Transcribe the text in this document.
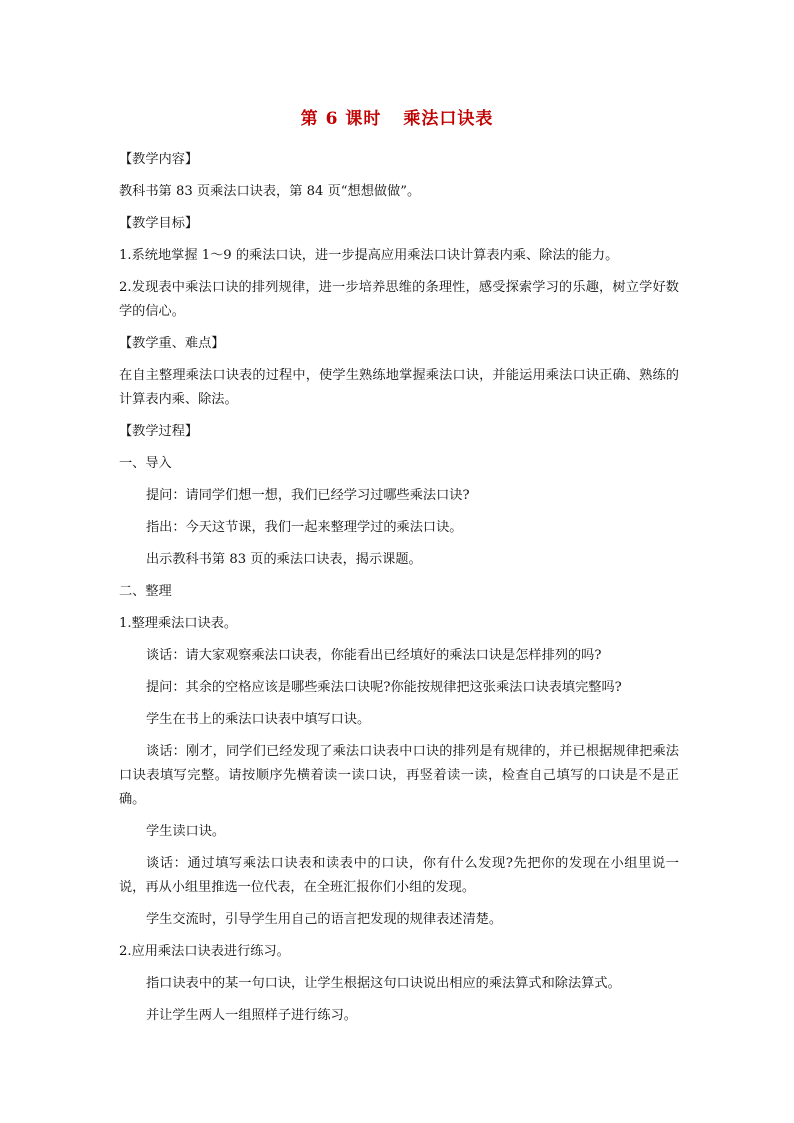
第 6 课时 乘法口诀表

【教学内容】

教科书第 83 页乘法口诀表，第 84 页“想想做做”。

【教学目标】

1.系统地掌握 1～9 的乘法口诀，进一步提高应用乘法口诀计算表内乘、除法的能力。

2.发现表中乘法口诀的排列规律，进一步培养思维的条理性，感受探索学习的乐趣，树立学好数学的信心。

【教学重、难点】

在自主整理乘法口诀表的过程中，使学生熟练地掌握乘法口诀，并能运用乘法口诀正确、熟练的计算表内乘、除法。

【教学过程】

一、导入

提问：请同学们想一想，我们已经学习过哪些乘法口诀?

指出：今天这节课，我们一起来整理学过的乘法口诀。

出示教科书第 83 页的乘法口诀表，揭示课题。

二、整理

1.整理乘法口诀表。

谈话：请大家观察乘法口诀表，你能看出已经填好的乘法口诀是怎样排列的吗?

提问：其余的空格应该是哪些乘法口诀呢?你能按规律把这张乘法口诀表填完整吗?

学生在书上的乘法口诀表中填写口诀。

谈话：刚才，同学们已经发现了乘法口诀表中口诀的排列是有规律的，并已根据规律把乘法口诀表填写完整。请按顺序先横着读一读口诀，再竖着读一读，检查自己填写的口诀是不是正确。

学生读口诀。

谈话：通过填写乘法口诀表和读表中的口诀，你有什么发现?先把你的发现在小组里说一说，再从小组里推选一位代表，在全班汇报你们小组的发现。

学生交流时，引导学生用自己的语言把发现的规律表述清楚。

2.应用乘法口诀表进行练习。

指口诀表中的某一句口诀，让学生根据这句口诀说出相应的乘法算式和除法算式。

并让学生两人一组照样子进行练习。
